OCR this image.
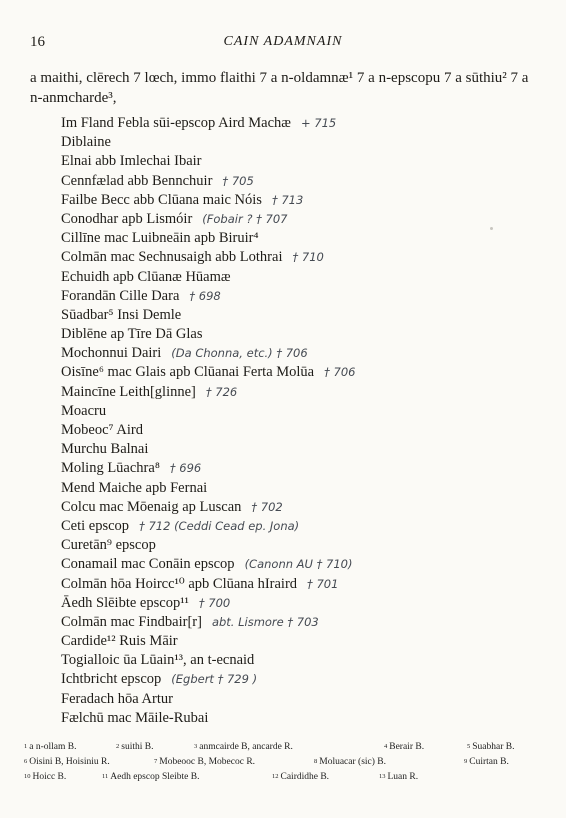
16	CAIN ADAMNAIN
a maithi, clērech 7 lœch, immo flaithi 7 a n-oldamnæ¹ 7 a n-epscopu 7 a sūthiu² 7 a n-anmcharde³,
Im Fland Febla sūi-epscop Aird Machæ + 715
Diblaine
Elnai abb Imlechai Ibair
Cennfælad abb Bennchuir † 705
Failbe Becc abb Clūana maic Nóis † 713
Conodhar apb Lismóir (Fobair ? † 707
Cillīne mac Luibneāin apb Biruir⁴
Colmān mac Sechnusaigh abb Lothrai † 710
Echuidh apb Clūanæ Hūamæ
Forandān Cille Dara † 698
Sūadbar⁵ Insi Demle
Diblēne ap Tīre Dā Glas
Mochonnui Dairi (Da Chonna, etc.) † 706
Oisīne⁶ mac Glais apb Clūanai Ferta Molūa † 706
Maincīne Leith[glinne] † 726
Moacru
Mobeoc⁷ Aird
Murchu Balnai
Moling Lūachra⁸ † 696
Mend Maiche apb Fernai
Colcu mac Mōenaig ap Luscan † 702
Ceti epscop † 712 (Ceddi Cead ep. Jona)
Curetān⁹ epscop
Conamail mac Conāin epscop (Canonn AU † 710)
Colmān hōa Hoircc¹⁰ apb Clūana hIraird † 701
Āedh Slēibte epscop¹¹ † 700
Colmān mac Findbair[r] abt. Lismore † 703
Cardide¹² Ruis Māir
Togialloic ūa Lūain¹³, an t-ecnaid
Ichtbricht epscop (Egbert † 729 )
Feradach hōa Artur
Fælchū mac Māile-Rubai
$^1$ a n-ollam B.	$^2$ suithi B.	$^3$ anmcairde B, ancarde R.	$^4$ Berair B.	$^5$ Suabhar B.
$^6$ Oisini B, Hoisiniu R.	$^7$ Mobeooc B, Mobecoc R.	$^8$ Moluacar (sic) B.	$^9$ Cuirtan B.
$^{10}$ Hoicc B.	$^{11}$ Aedh epscop Sleibte B.	$^{12}$ Cairdidhe B.	$^{13}$ Luan R.
